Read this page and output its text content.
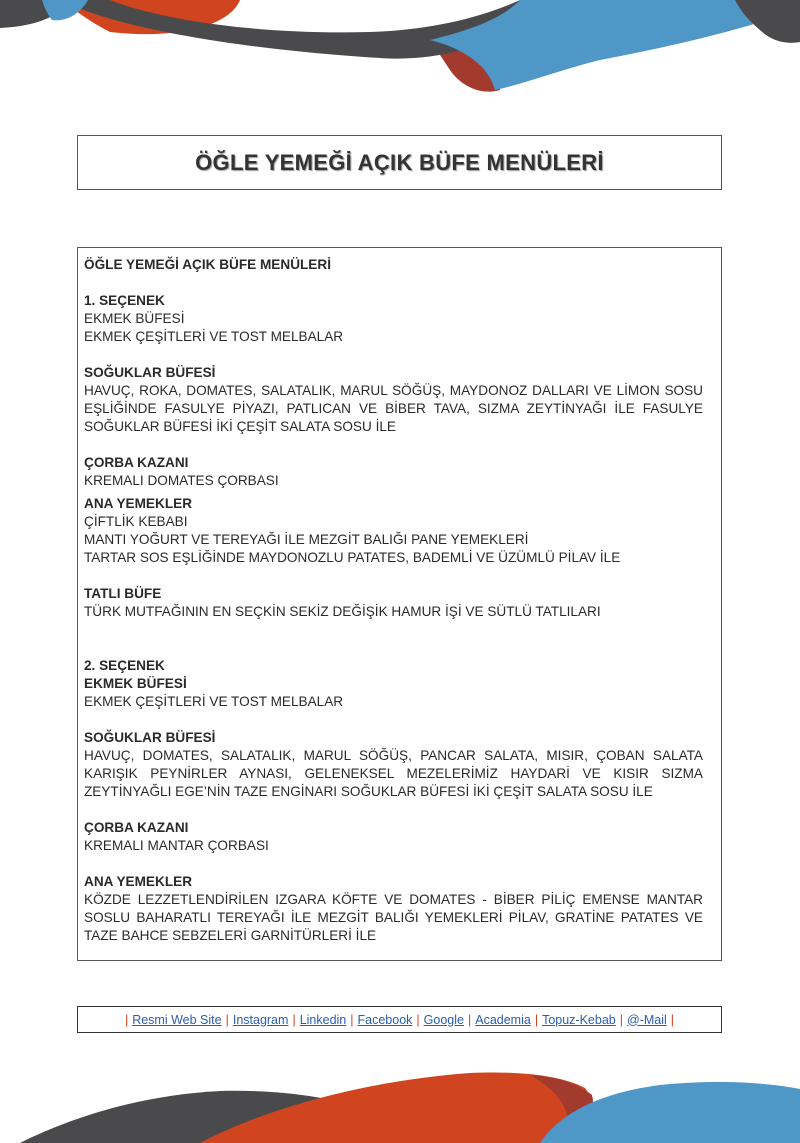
ÖĞLE YEMEĞİ AÇIK BÜFE MENÜLERİ

ÖĞLE YEMEĞİ AÇIK BÜFE MENÜLERİ

1. SEÇENEK

EKMEK BÜFESİ

EKMEK ÇEŞİTLERİ VE TOST MELBALAR

SOĞUKLAR BÜFESİ

HAVUÇ, ROKA, DOMATES, SALATALIK, MARUL SÖĞÜŞ, MAYDONOZ DALLARI VE LİMON SOSU EŞLİĞİNDE FASULYE PİYAZI, PATLICAN VE BİBER TAVA, SIZMA ZEYTİNYAĞI İLE FASULYE SOĞUKLAR BÜFESİ İKİ ÇEŞİT SALATA SOSU İLE

ÇORBA KAZANI

KREMALI DOMATES ÇORBASI

ANA YEMEKLER

ÇİFTLİK KEBABI

MANTI YOĞURT VE TEREYAĞI İLE MEZGİT BALIĞI PANE YEMEKLERİ

TARTAR SOS EŞLİĞİNDE MAYDONOZLU PATATES, BADEMLİ VE ÜZÜMLÜ PİLAV İLE

TATLI BÜFE

TÜRK MUTFAĞININ EN SEÇKİN SEKİZ DEĞİŞİK HAMUR İŞİ VE SÜTLÜ TATLILARI

2. SEÇENEK

EKMEK BÜFESİ

EKMEK ÇEŞİTLERİ VE TOST MELBALAR

SOĞUKLAR BÜFESİ

HAVUÇ, DOMATES, SALATALIK, MARUL SÖĞÜŞ, PANCAR SALATA, MISIR, ÇOBAN SALATA KARIŞIK PEYNİRLER AYNASI, GELENEKSEL MEZELERİMİZ HAYDARİ VE KISIR SIZMA ZEYTİNYAĞLI EGE’NİN TAZE ENGİNARI SOĞUKLAR BÜFESİ İKİ ÇEŞİT SALATA SOSU İLE

ÇORBA KAZANI

KREMALI MANTAR ÇORBASI

ANA YEMEKLER

KÖZDE LEZZETLENDİRİLEN IZGARA KÖFTE VE DOMATES - BİBER PİLİÇ EMENSE MANTAR SOSLU BAHARATLI TEREYAĞI İLE MEZGİT BALIĞI YEMEKLERİ PİLAV, GRATİNE PATATES VE TAZE BAHCE SEBZELERİ GARNİTÜRLERİ İLE

| Resmi Web Site | Instagram | Linkedin | Facebook | Google | Academia | Topuz-Kebab | @-Mail |
